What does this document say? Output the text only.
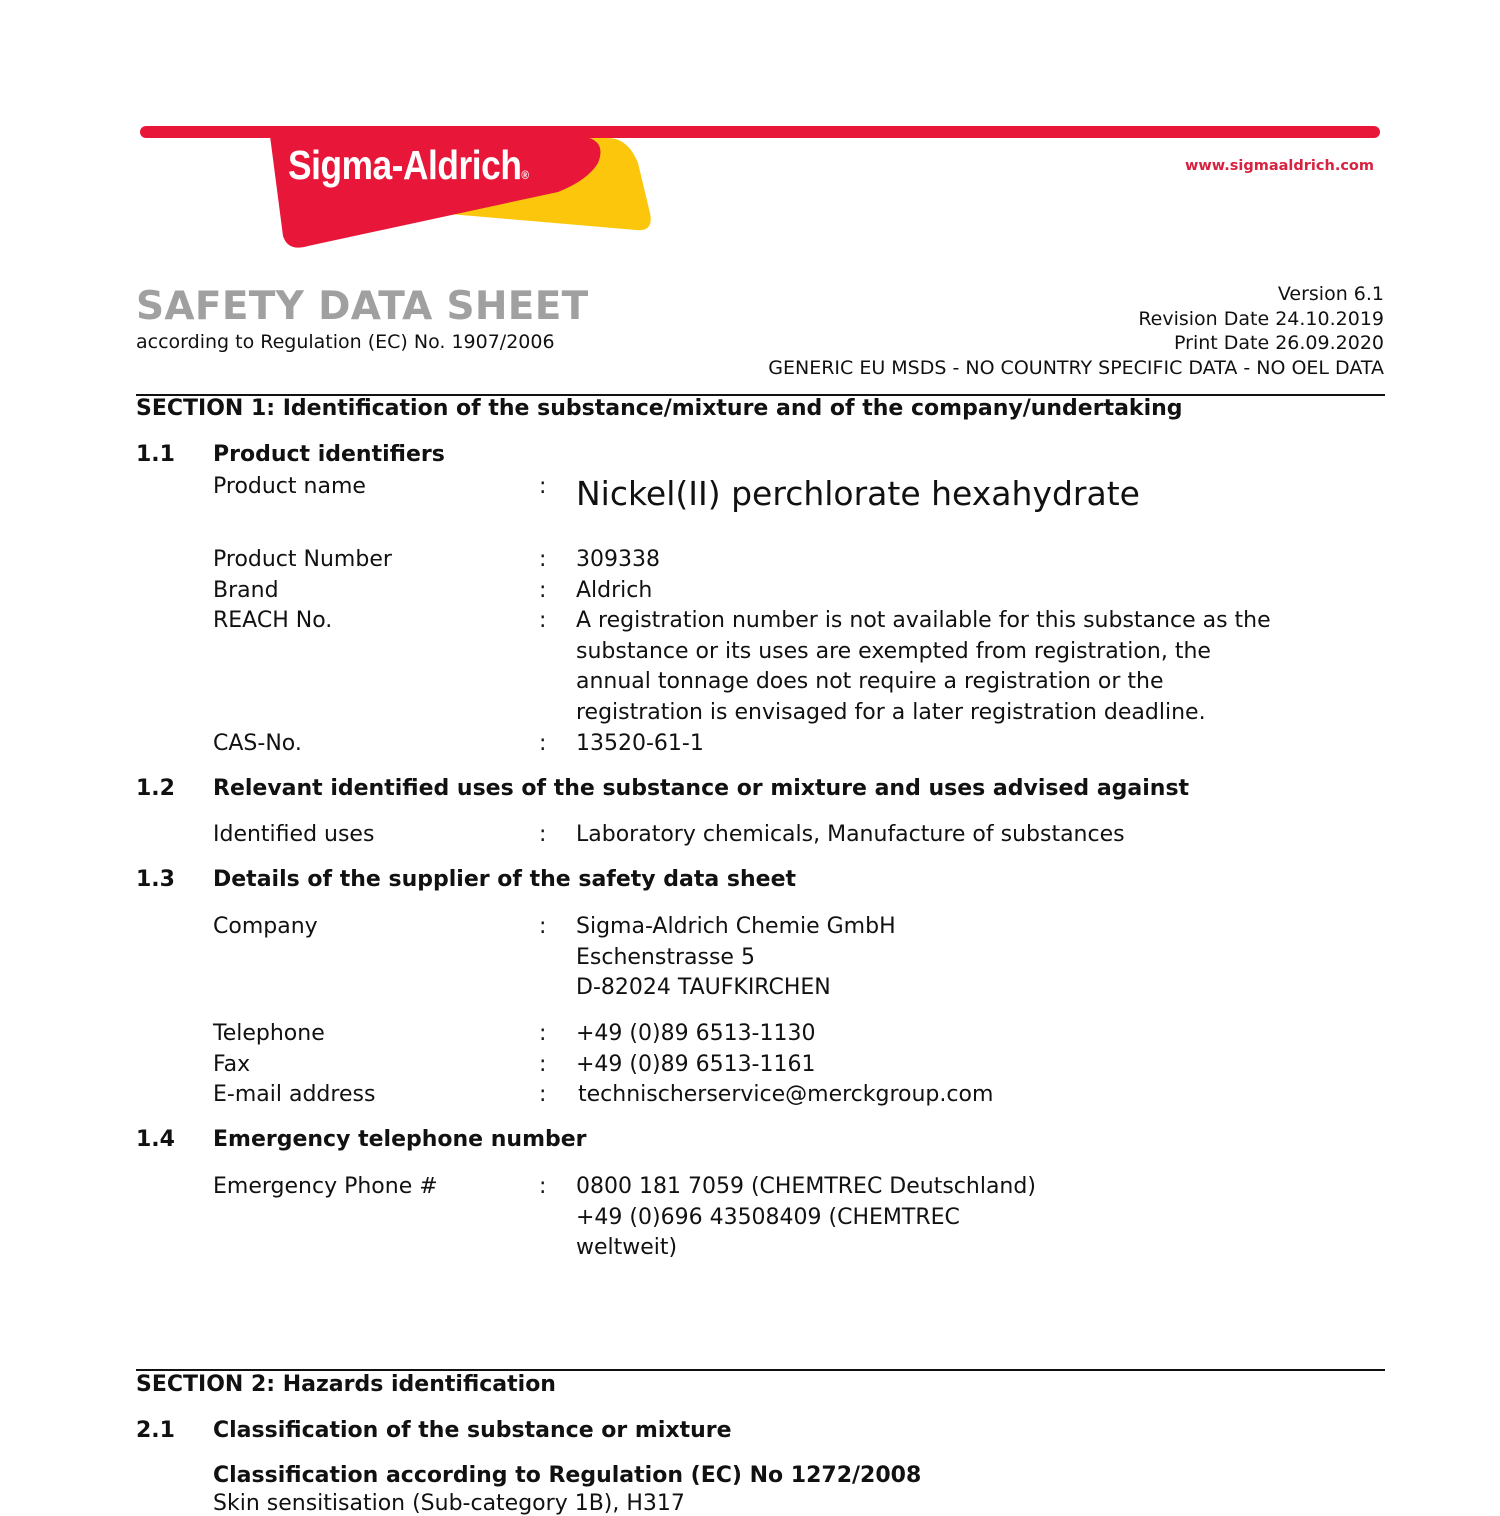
Sigma-Aldrich®
www.sigmaaldrich.com
SAFETY DATA SHEET
according to Regulation (EC) No. 1907/2006
Version 6.1
Revision Date 24.10.2019
Print Date 26.09.2020
GENERIC EU MSDS - NO COUNTRY SPECIFIC DATA - NO OEL DATA
SECTION 1: Identification of the substance/mixture and of the company/undertaking
1.1 Product identifiers
Product name	: Nickel(II) perchlorate hexahydrate
Product Number	: 309338
Brand	: Aldrich
REACH No.	: A registration number is not available for this substance as the
substance or its uses are exempted from registration, the
annual tonnage does not require a registration or the
registration is envisaged for a later registration deadline.
CAS-No.	: 13520-61-1
1.2 Relevant identified uses of the substance or mixture and uses advised against
Identified uses	: Laboratory chemicals, Manufacture of substances
1.3 Details of the supplier of the safety data sheet
Company	: Sigma-Aldrich Chemie GmbH
Eschenstrasse 5
D-82024 TAUFKIRCHEN
Telephone	: +49 (0)89 6513-1130
Fax	: +49 (0)89 6513-1161
E-mail address	: technischerservice@merckgroup.com
1.4 Emergency telephone number
Emergency Phone #	: 0800 181 7059 (CHEMTREC Deutschland)
+49 (0)696 43508409 (CHEMTREC
weltweit)
SECTION 2: Hazards identification
2.1 Classification of the substance or mixture
Classification according to Regulation (EC) No 1272/2008
Skin sensitisation (Sub-category 1B), H317
